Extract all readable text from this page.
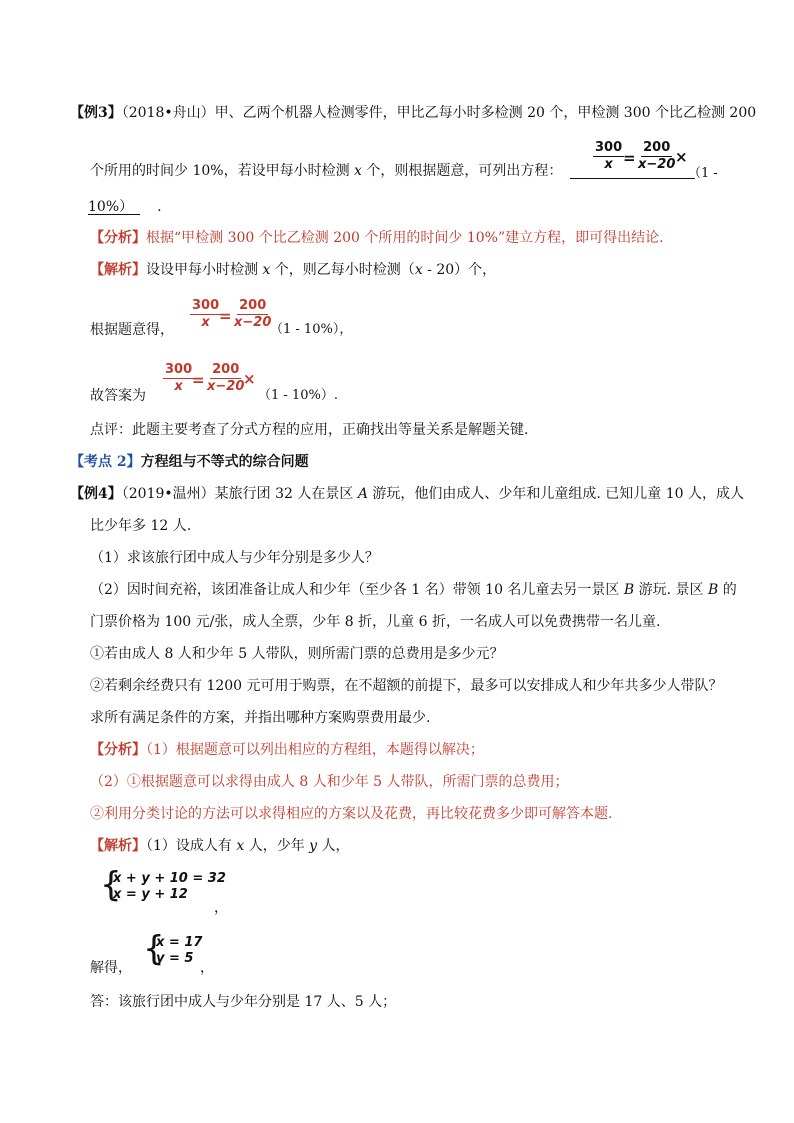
【例3】（2018•舟山）甲、乙两个机器人检测零件，甲比乙每小时多检测 20 个，甲检测 300 个比乙检测 200
个所用的时间少 10%，若设甲每小时检测 x 个，则根据题意，可列出方程： $\frac{300}{x}$
= $\frac{200}{x-20}$
×
（1 -
10%） .
【分析】根据“甲检测 300 个比乙检测 200 个所用的时间少 10%”建立方程，即可得出结论.
【解析】设设甲每小时检测 x 个，则乙每小时检测（x - 20）个，
$\frac{300}{x}$
= $\frac{200}{x-20}$
根据题意得，	（1 - 10%），
$\frac{300}{x}$
= $\frac{200}{x-20}$
×
故答案为	（1 - 10%）.
点评：此题主要考查了分式方程的应用，正确找出等量关系是解题关键.
【考点 2】方程组与不等式的综合问题
【例4】（2019•温州）某旅行团 32 人在景区 A 游玩，他们由成人、少年和儿童组成. 已知儿童 10 人，成人
比少年多 12 人.
（1）求该旅行团中成人与少年分别是多少人？
（2）因时间充裕，该团准备让成人和少年（至少各 1 名）带领 10 名儿童去另一景区 B 游玩. 景区 B 的
门票价格为 100 元/张，成人全票，少年 8 折，儿童 6 折，一名成人可以免费携带一名儿童.
①若由成人 8 人和少年 5 人带队，则所需门票的总费用是多少元？
②若剩余经费只有 1200 元可用于购票，在不超额的前提下，最多可以安排成人和少年共多少人带队？
求所有满足条件的方案，并指出哪种方案购票费用最少.
【分析】（1）根据题意可以列出相应的方程组，本题得以解决；
（2）①根据题意可以求得由成人 8 人和少年 5 人带队，所需门票的总费用；
②利用分类讨论的方法可以求得相应的方案以及花费，再比较花费多少即可解答本题.
【解析】（1）设成人有 x 人，少年 y 人，
{
x + y + 10 = 32
x = y + 12
，
解得， {
x = 17
y = 5
，
答：该旅行团中成人与少年分别是 17 人、5 人；
